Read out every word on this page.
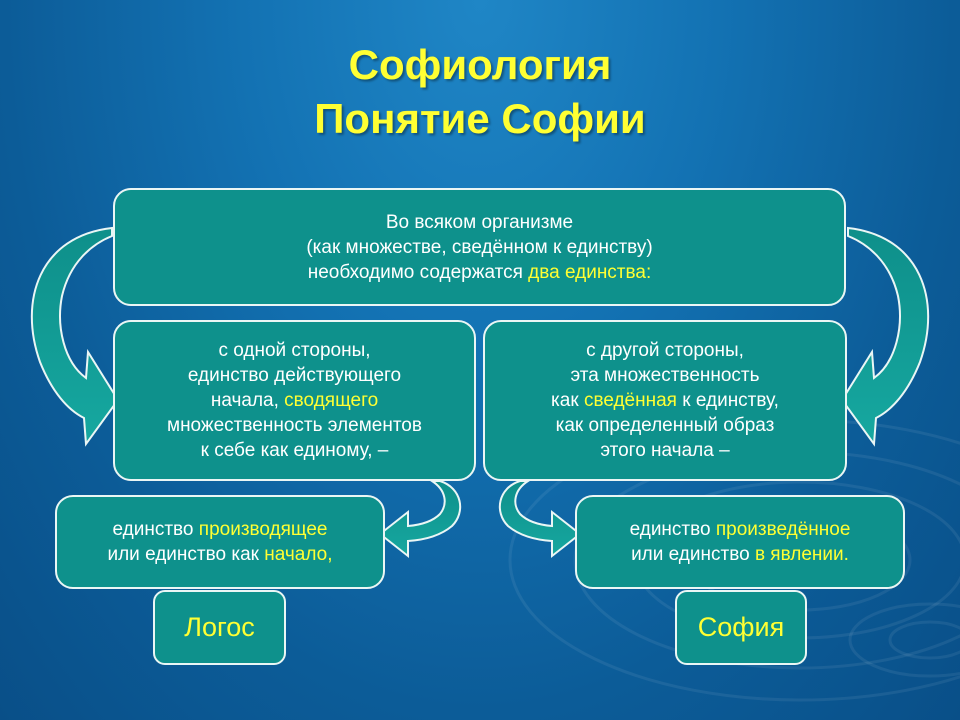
Софиология
Понятие Софии
Во всяком организме
(как множестве, сведённом к единству)
необходимо содержатся два единства:
с одной стороны,
единство действующего
начала, сводящего
множественность элементов
к себе как единому, –
с другой стороны,
эта множественность
как сведённая к единству,
как определенный образ
этого начала –
единство производящее
или единство как начало,
единство произведённое
или единство в явлении.
Логос	София
